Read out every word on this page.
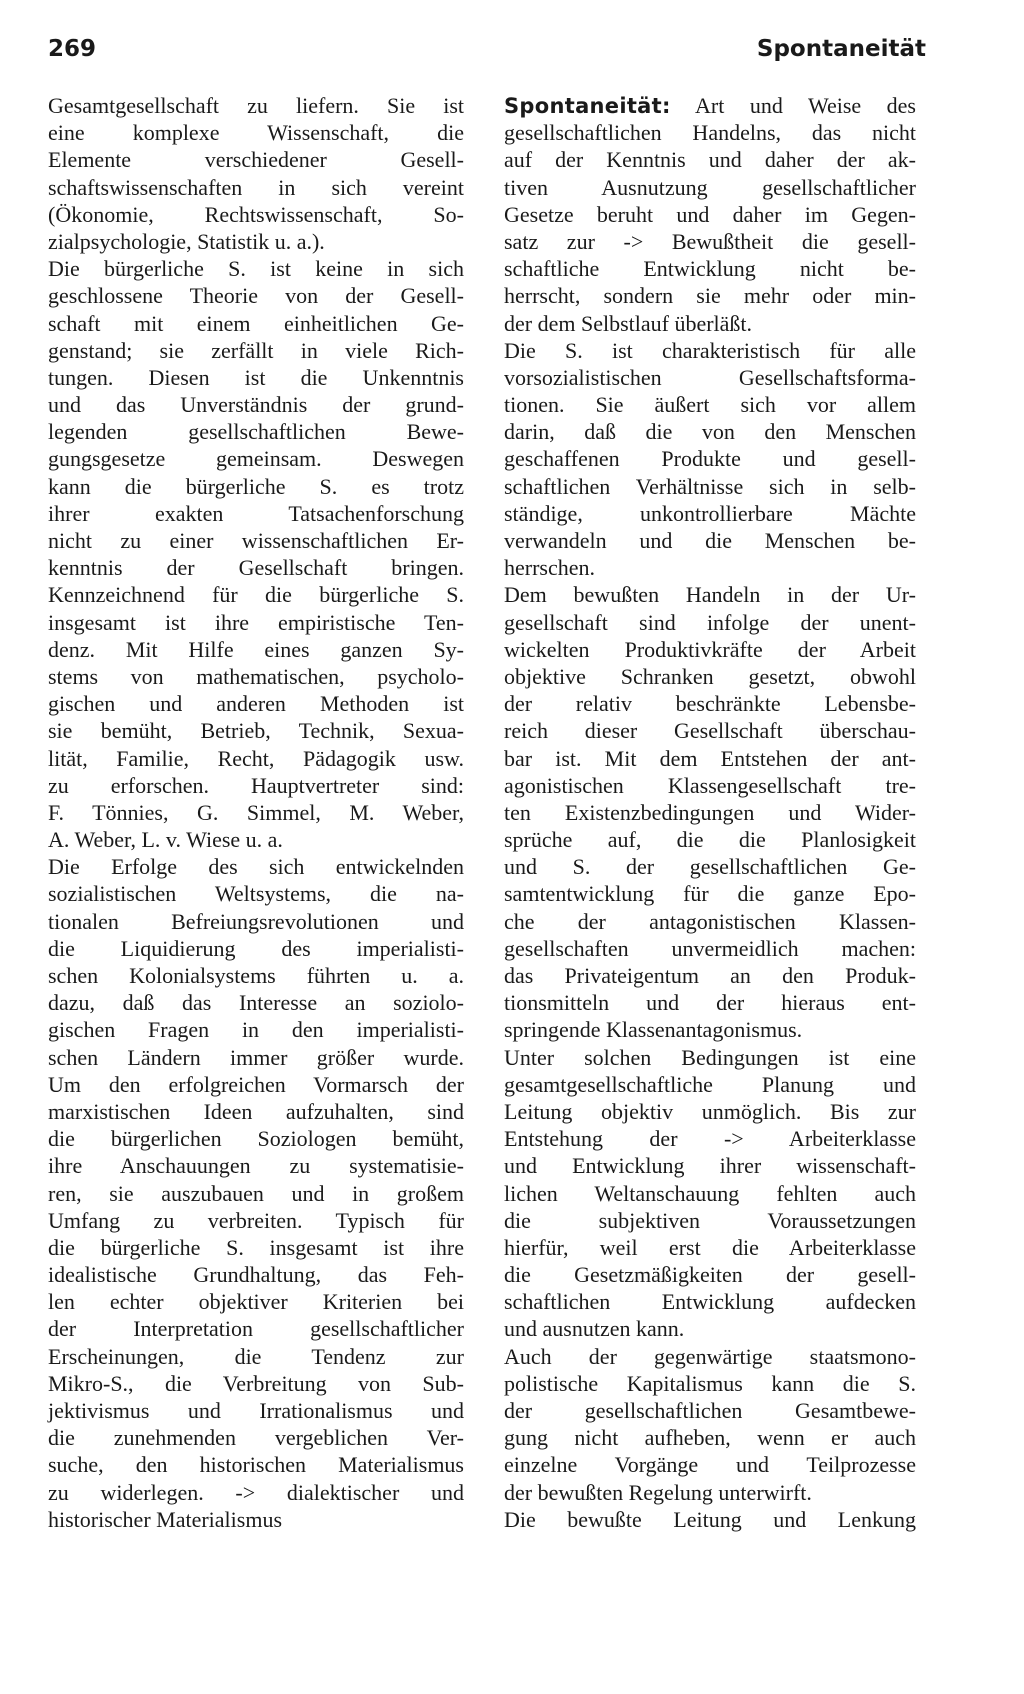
269	Spontaneität
Gesamtgesellschaft zu liefern. Sie ist
eine komplexe Wissenschaft, die
Elemente verschiedener Gesell-
schaftswissenschaften in sich vereint
(Ökonomie, Rechtswissenschaft, So-
zialpsychologie, Statistik u. a.).
Die bürgerliche S. ist keine in sich
geschlossene Theorie von der Gesell-
schaft mit einem einheitlichen Ge-
genstand; sie zerfällt in viele Rich-
tungen. Diesen ist die Unkenntnis
und das Unverständnis der grund-
legenden gesellschaftlichen Bewe-
gungsgesetze gemeinsam. Deswegen
kann die bürgerliche S. es trotz
ihrer exakten Tatsachenforschung
nicht zu einer wissenschaftlichen Er-
kenntnis der Gesellschaft bringen.
Kennzeichnend für die bürgerliche S.
insgesamt ist ihre empiristische Ten-
denz. Mit Hilfe eines ganzen Sy-
stems von mathematischen, psycholo-
gischen und anderen Methoden ist
sie bemüht, Betrieb, Technik, Sexua-
lität, Familie, Recht, Pädagogik usw.
zu erforschen. Hauptvertreter sind:
F. Tönnies, G. Simmel, M. Weber,
A. Weber, L. v. Wiese u. a.
Die Erfolge des sich entwickelnden
sozialistischen Weltsystems, die na-
tionalen Befreiungsrevolutionen und
die Liquidierung des imperialisti-
schen Kolonialsystems führten u. a.
dazu, daß das Interesse an soziolo-
gischen Fragen in den imperialisti-
schen Ländern immer größer wurde.
Um den erfolgreichen Vormarsch der
marxistischen Ideen aufzuhalten, sind
die bürgerlichen Soziologen bemüht,
ihre Anschauungen zu systematisie-
ren, sie auszubauen und in großem
Umfang zu verbreiten. Typisch für
die bürgerliche S. insgesamt ist ihre
idealistische Grundhaltung, das Feh-
len echter objektiver Kriterien bei
der Interpretation gesellschaftlicher
Erscheinungen, die Tendenz zur
Mikro-S., die Verbreitung von Sub-
jektivismus und Irrationalismus und
die zunehmenden vergeblichen Ver-
suche, den historischen Materialismus
zu widerlegen. -> dialektischer und
historischer Materialismus
Spontaneität: Art und Weise des
gesellschaftlichen Handelns, das nicht
auf der Kenntnis und daher der ak-
tiven Ausnutzung gesellschaftlicher
Gesetze beruht und daher im Gegen-
satz zur -> Bewußtheit die gesell-
schaftliche Entwicklung nicht be-
herrscht, sondern sie mehr oder min-
der dem Selbstlauf überläßt.
Die S. ist charakteristisch für alle
vorsozialistischen Gesellschaftsforma-
tionen. Sie äußert sich vor allem
darin, daß die von den Menschen
geschaffenen Produkte und gesell-
schaftlichen Verhältnisse sich in selb-
ständige, unkontrollierbare Mächte
verwandeln und die Menschen be-
herrschen.
Dem bewußten Handeln in der Ur-
gesellschaft sind infolge der unent-
wickelten Produktivkräfte der Arbeit
objektive Schranken gesetzt, obwohl
der relativ beschränkte Lebensbe-
reich dieser Gesellschaft überschau-
bar ist. Mit dem Entstehen der ant-
agonistischen Klassengesellschaft tre-
ten Existenzbedingungen und Wider-
sprüche auf, die die Planlosigkeit
und S. der gesellschaftlichen Ge-
samtentwicklung für die ganze Epo-
che der antagonistischen Klassen-
gesellschaften unvermeidlich machen:
das Privateigentum an den Produk-
tionsmitteln und der hieraus ent-
springende Klassenantagonismus.
Unter solchen Bedingungen ist eine
gesamtgesellschaftliche Planung und
Leitung objektiv unmöglich. Bis zur
Entstehung der -> Arbeiterklasse
und Entwicklung ihrer wissenschaft-
lichen Weltanschauung fehlten auch
die subjektiven Voraussetzungen
hierfür, weil erst die Arbeiterklasse
die Gesetzmäßigkeiten der gesell-
schaftlichen Entwicklung aufdecken
und ausnutzen kann.
Auch der gegenwärtige staatsmono-
polistische Kapitalismus kann die S.
der gesellschaftlichen Gesamtbewe-
gung nicht aufheben, wenn er auch
einzelne Vorgänge und Teilprozesse
der bewußten Regelung unterwirft.
Die bewußte Leitung und Lenkung
